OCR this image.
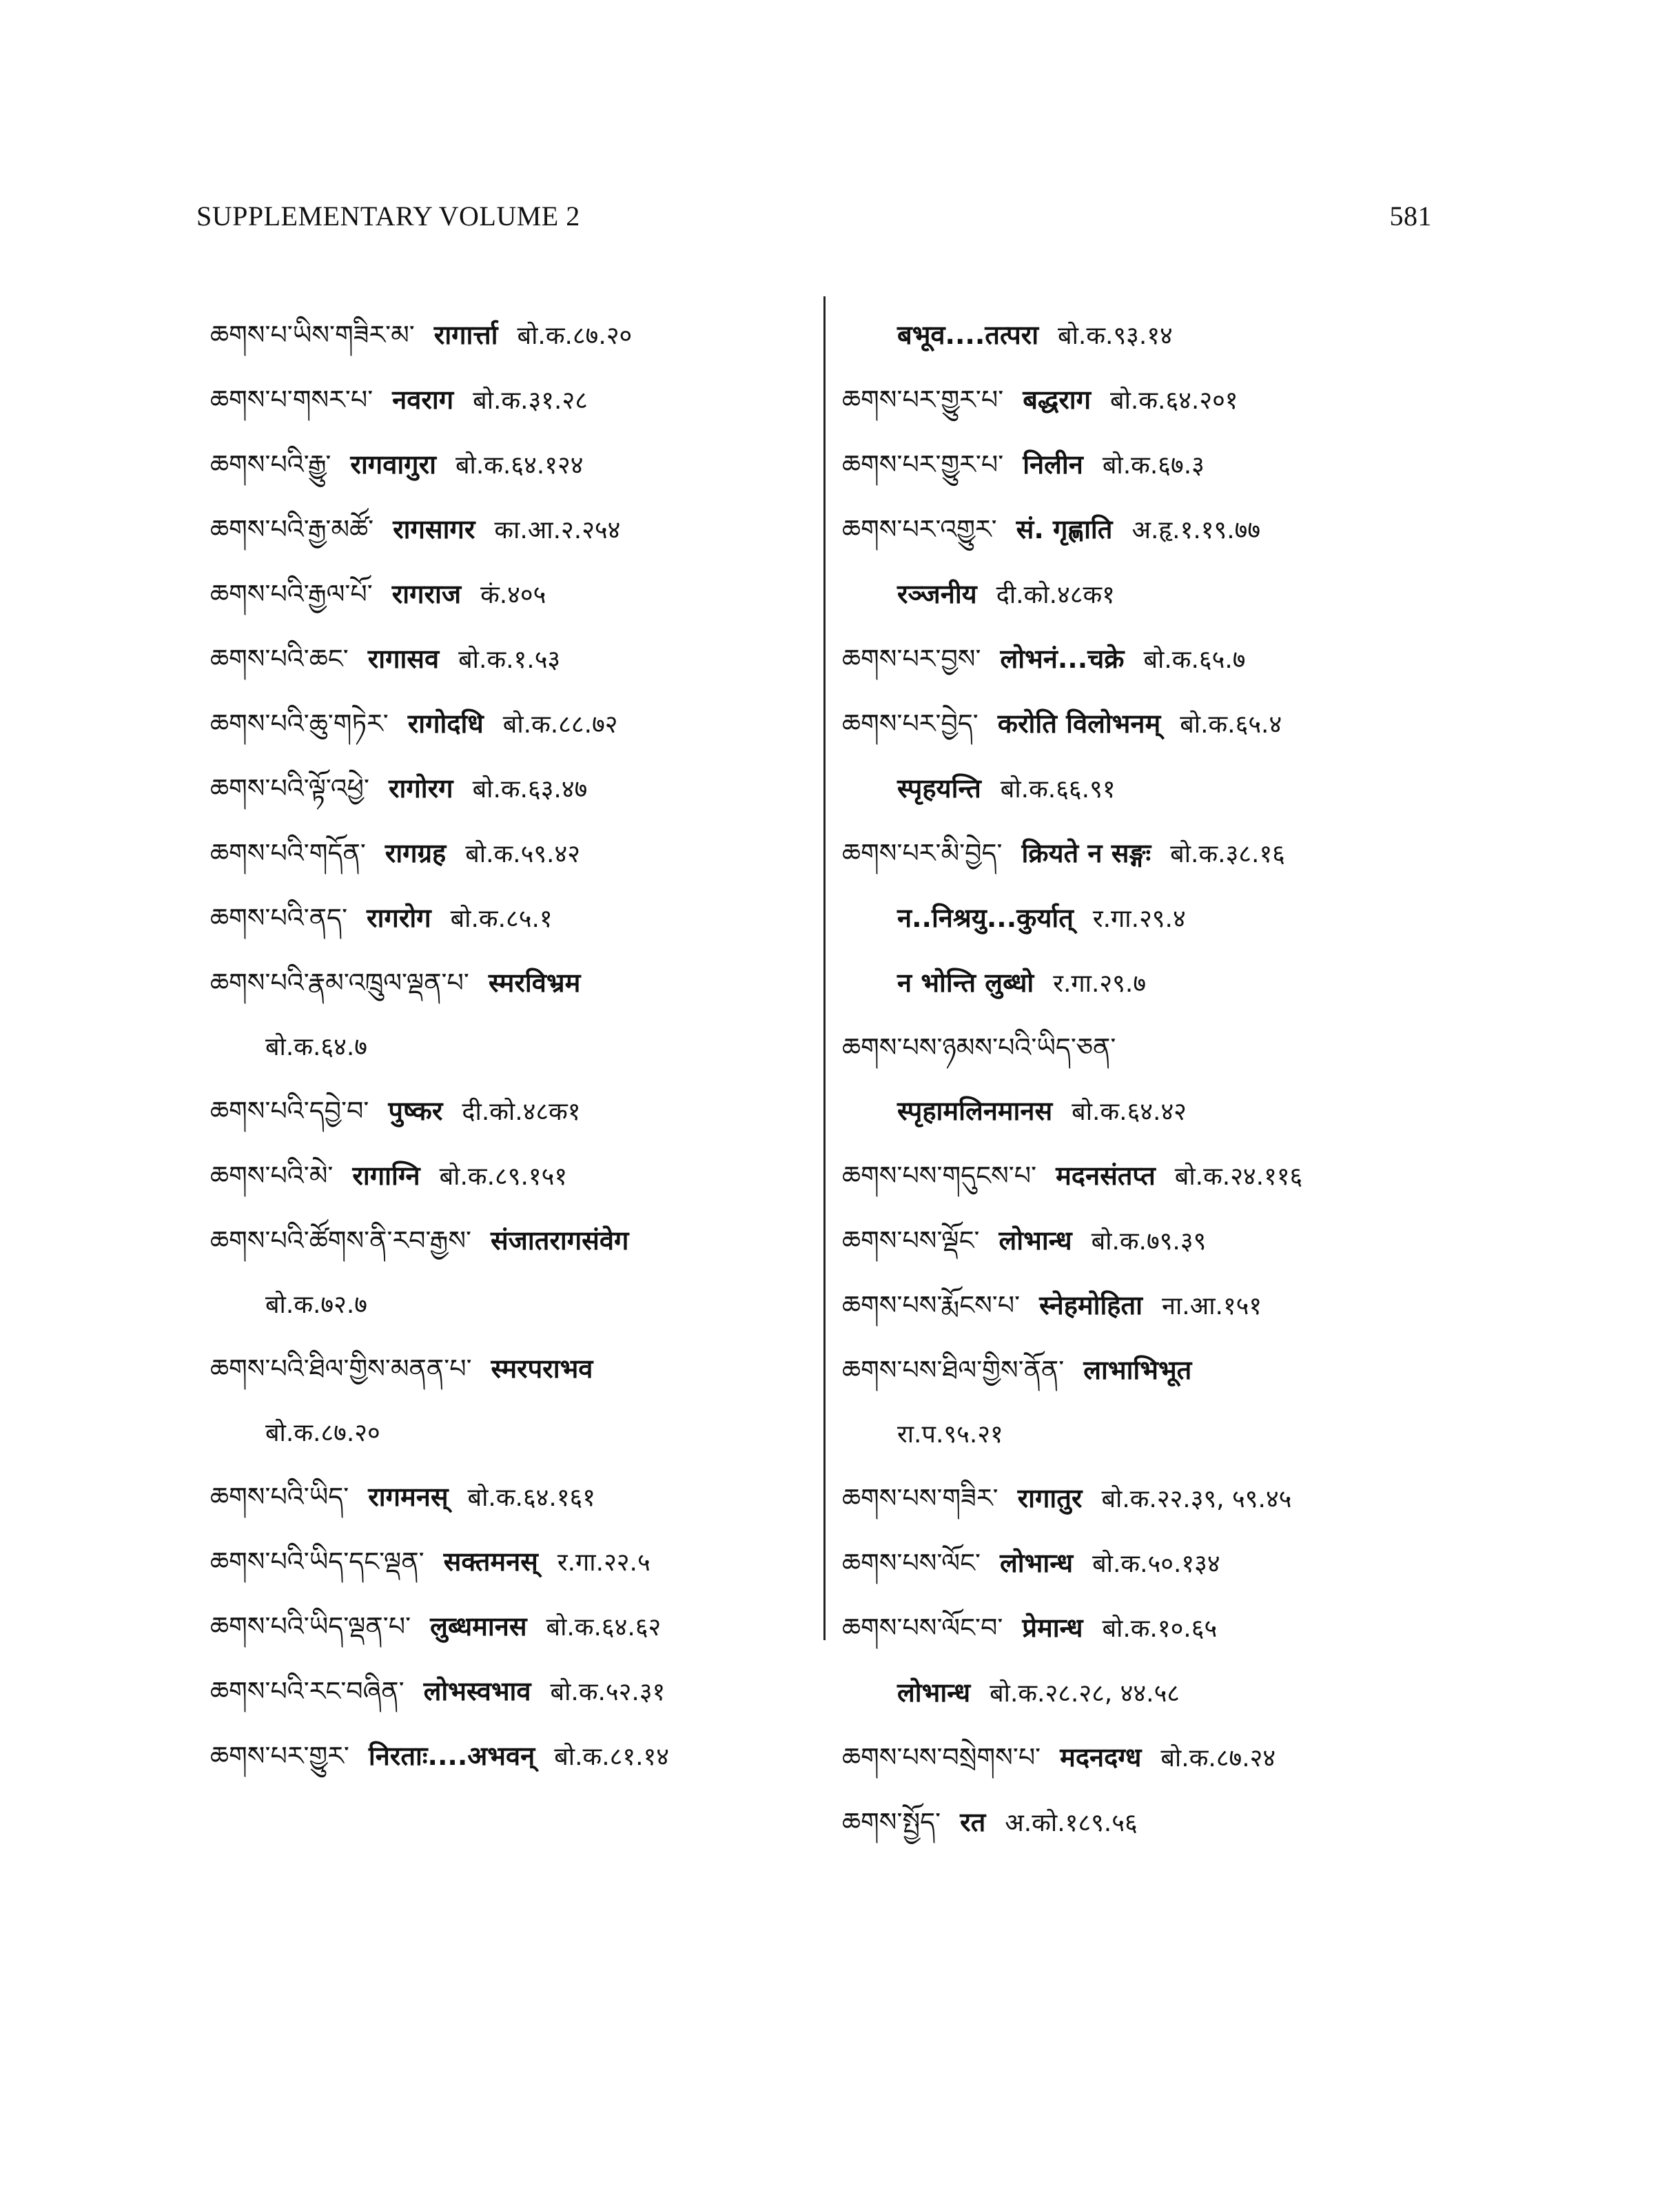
SUPPLEMENTARY VOLUME 2	581
ཆགས་པ་ཡིས་གཟིར་མ་ रागार्त्ता बो.क.८७.२०
ཆགས་པ་གསར་པ་ नवराग बो.क.३१.२८
ཆགས་པའི་རྒྱུ་ रागवागुरा बो.क.६४.१२४
ཆགས་པའི་རྒྱ་མཚོ་ रागसागर का.आ.२.२५४
ཆགས་པའི་རྒྱལ་པོ་ रागराज कं.४०५
ཆགས་པའི་ཆང་ रागासव बो.क.१.५३
ཆགས་པའི་ཆུ་གཏེར་ रागोदधि बो.क.८८.७२
ཆགས་པའི་ལྟོ་འཕྱེ་ रागोरग बो.क.६३.४७
ཆགས་པའི་གདོན་ रागग्रह बो.क.५९.४२
ཆགས་པའི་ནད་ रागरोग बो.क.८५.१
ཆགས་པའི་རྣམ་འཁྲུལ་ལྡན་པ་ स्मरविभ्रम
बो.क.६४.७
ཆགས་པའི་དབྱེ་བ་ पुष्कर दी.को.४८क१
ཆགས་པའི་མེ་ रागाग्नि बो.क.८९.१५१
ཆགས་པའི་ཚོགས་ནི་རབ་རྒྱས་ संजातरागसंवेग
बो.क.७२.७
ཆགས་པའི་ཐིལ་གྱིས་མནན་པ་ स्मरपराभव
बो.क.८७.२०
ཆགས་པའི་ཡིད་ रागमनस् बो.क.६४.१६१
ཆགས་པའི་ཡིད་དང་ལྡན་ सक्तमनस् र.गा.२२.५
ཆགས་པའི་ཡིད་ལྡན་པ་ लुब्धमानस बो.क.६४.६२
ཆགས་པའི་རང་བཞིན་ लोभस्वभाव बो.क.५२.३१
ཆགས་པར་གྱུར་ निरताः....अभवन् बो.क.८१.१४
बभूव....तत्परा बो.क.९३.१४
ཆགས་པར་གྱུར་པ་ बद्धराग बो.क.६४.२०१
ཆགས་པར་གྱུར་པ་ निलीन बो.क.६७.३
ཆགས་པར་འགྱུར་ सं. गृह्णाति अ.हृ.१.१९.७७
रञ्जनीय दी.को.४८क१
ཆགས་པར་བྱས་ लोभनं...चक्रे बो.क.६५.७
ཆགས་པར་བྱེད་ करोति विलोभनम् बो.क.६५.४
स्पृहयन्ति बो.क.६६.९१
ཆགས་པར་མི་བྱེད་ क्रियते न सङ्गः बो.क.३८.१६
न..निश्रयु...कुर्यात् र.गा.२९.४
न भोन्ति लुब्धो र.गा.२९.७
ཆགས་པས་ཉམས་པའི་ཡིད་ཅན་
स्पृहामलिनमानस बो.क.६४.४२
ཆགས་པས་གདུངས་པ་ मदनसंतप्त बो.क.२४.११६
ཆགས་པས་ལྡོང་ लोभान्ध बो.क.७९.३९
ཆགས་པས་རྨོངས་པ་ स्नेहमोहिता ना.आ.१५१
ཆགས་པས་ཐིལ་གྱིས་ནོན་ लाभाभिभूत
रा.प.९५.२१
ཆགས་པས་གཟིར་ रागातुर बो.क.२२.३९, ५९.४५
ཆགས་པས་ལོང་ लोभान्ध बो.क.५०.१३४
ཆགས་པས་ལོང་བ་ प्रेमान्ध बो.क.१०.६५
लोभान्ध बो.क.२८.२८, ४४.५८
ཆགས་པས་བསྲེགས་པ་ मदनदग्ध बो.क.८७.२४
ཆགས་སྤྱོད་ रत अ.को.१८९.५६
